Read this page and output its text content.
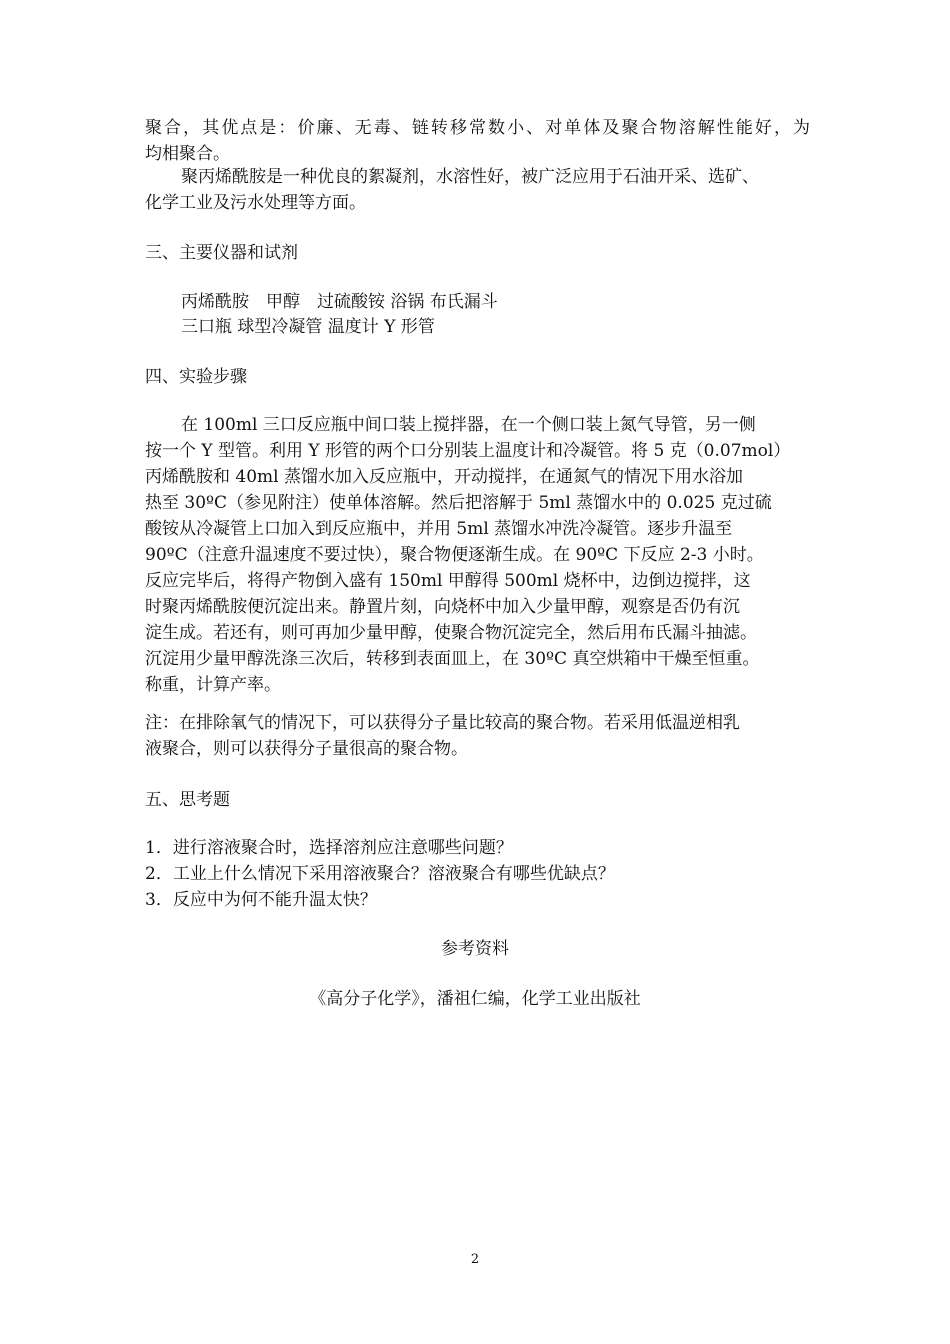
聚合，其优点是：价廉、无毒、链转移常数小、对单体及聚合物溶解性能好，为
均相聚合。
聚丙烯酰胺是一种优良的絮凝剂，水溶性好，被广泛应用于石油开采、选矿、
化学工业及污水处理等方面。
三、主要仪器和试剂
丙烯酰胺　甲醇　过硫酸铵 浴锅 布氏漏斗
三口瓶 球型冷凝管 温度计 Y 形管
四、实验步骤
在 100ml 三口反应瓶中间口装上搅拌器，在一个侧口装上氮气导管，另一侧
按一个 Y 型管。利用 Y 形管的两个口分别装上温度计和冷凝管。将 5 克（0.07mol）
丙烯酰胺和 40ml 蒸馏水加入反应瓶中，开动搅拌，在通氮气的情况下用水浴加
热至 30ºC（参见附注）使单体溶解。然后把溶解于 5ml 蒸馏水中的 0.025 克过硫
酸铵从冷凝管上口加入到反应瓶中，并用 5ml 蒸馏水冲洗冷凝管。逐步升温至
90ºC（注意升温速度不要过快），聚合物便逐渐生成。在 90ºC 下反应 2-3 小时。
反应完毕后，将得产物倒入盛有 150ml 甲醇得 500ml 烧杯中，边倒边搅拌，这
时聚丙烯酰胺便沉淀出来。静置片刻，向烧杯中加入少量甲醇，观察是否仍有沉
淀生成。若还有，则可再加少量甲醇，使聚合物沉淀完全，然后用布氏漏斗抽滤。
沉淀用少量甲醇洗涤三次后，转移到表面皿上，在 30ºC 真空烘箱中干燥至恒重。
称重，计算产率。
注：在排除氧气的情况下，可以获得分子量比较高的聚合物。若采用低温逆相乳
液聚合，则可以获得分子量很高的聚合物。
五、思考题
1．进行溶液聚合时，选择溶剂应注意哪些问题？
2．工业上什么情况下采用溶液聚合？溶液聚合有哪些优缺点？
3．反应中为何不能升温太快？
参考资料
《高分子化学》，潘祖仁编，化学工业出版社
2
